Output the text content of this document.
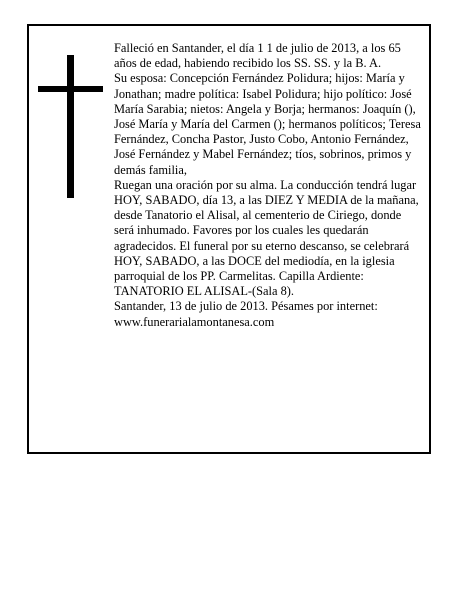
Falleció en Santander, el día 1 1 de julio de 2013, a los 65 años de edad, habiendo recibido los SS. SS. y la B. A.

Su esposa: Concepción Fernández Polidura; hijos: María y Jonathan; madre política: Isabel Polidura; hijo político: José María Sarabia; nietos: Angela y Borja; hermanos: Joaquín (), José María y María del Carmen (); hermanos políticos; Teresa Fernández, Concha Pastor, Justo Cobo, Antonio Fernández, José Fernández y Mabel Fernández; tíos, sobrinos, primos y demás familia,

Ruegan una oración por su alma. La conducción tendrá lugar HOY, SABADO, día 13, a las DIEZ Y MEDIA de la mañana, desde Tanatorio el Alisal, al cementerio de Ciriego, donde será inhumado. Favores por los cuales les quedarán agradecidos. El funeral por su eterno descanso, se celebrará HOY, SABADO, a las DOCE del mediodía, en la iglesia parroquial de los PP. Carmelitas. Capilla Ardiente: TANATORIO EL ALISAL-(Sala 8).

Santander, 13 de julio de 2013. Pésames por internet: www.funerarialamontanesa.com
